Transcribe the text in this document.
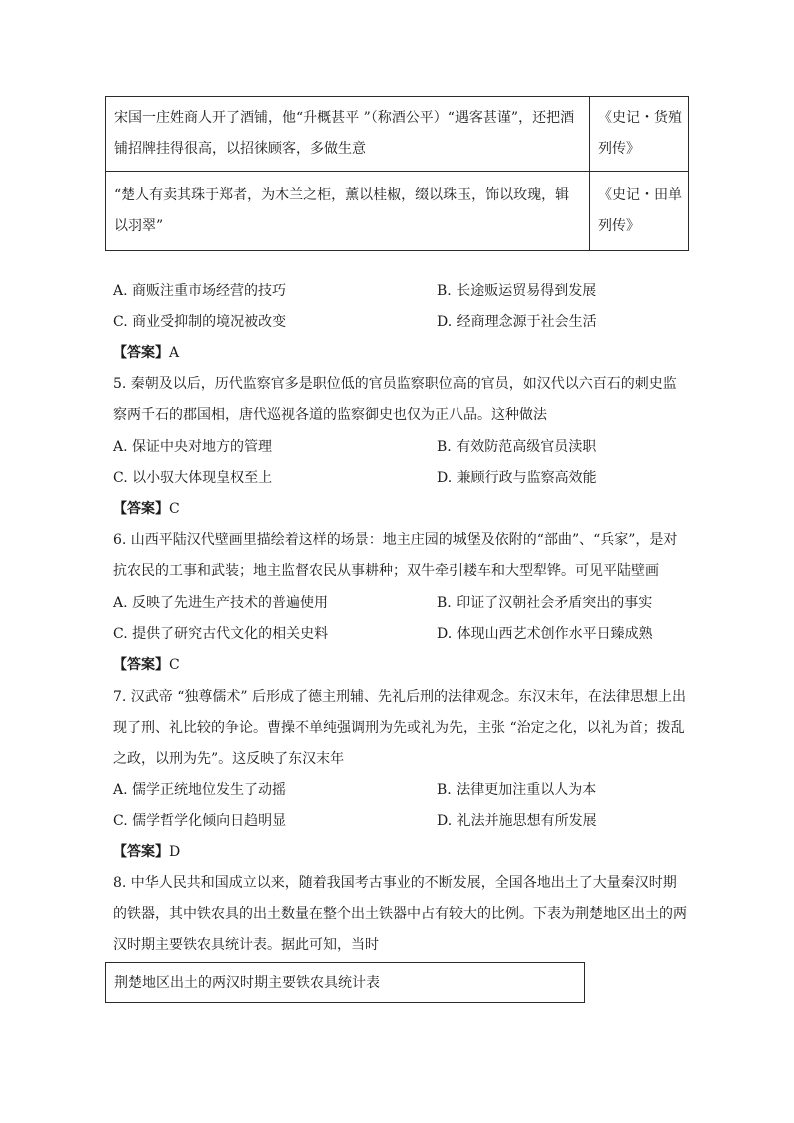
宋国一庄姓商人开了酒铺，他“升概甚平 ”（称酒公平）“遇客甚谨”，还把酒铺招牌挂得很高，以招徕顾客，多做生意	《史记・货殖列传》
“楚人有卖其珠于郑者，为木兰之柜，薰以桂椒，缀以珠玉，饰以玫瑰，辑以羽翠”	《史记・田单列传》
A. 商贩注重市场经营的技巧	B. 长途贩运贸易得到发展
C. 商业受抑制的境况被改变	D. 经商理念源于社会生活
【答案】A
5. 秦朝及以后，历代监察官多是职位低的官员监察职位高的官员，如汉代以六百石的刺史监察两千石的郡国相，唐代巡视各道的监察御史也仅为正八品。这种做法
A. 保证中央对地方的管理	B. 有效防范高级官员渎职
C. 以小驭大体现皇权至上	D. 兼顾行政与监察高效能
【答案】C
6. 山西平陆汉代壁画里描绘着这样的场景：地主庄园的城堡及依附的“部曲”、“兵家”，是对抗农民的工事和武装；地主监督农民从事耕种；双牛牵引耧车和大型犁铧。可见平陆壁画
A. 反映了先进生产技术的普遍使用	B. 印证了汉朝社会矛盾突出的事实
C. 提供了研究古代文化的相关史料	D. 体现山西艺术创作水平日臻成熟
【答案】C
7. 汉武帝 “独尊儒术” 后形成了德主刑辅、先礼后刑的法律观念。东汉末年，在法律思想上出现了刑、礼比较的争论。曹操不单纯强调刑为先或礼为先，主张 “治定之化，以礼为首；拨乱之政，以刑为先”。这反映了东汉末年
A. 儒学正统地位发生了动摇	B. 法律更加注重以人为本
C. 儒学哲学化倾向日趋明显	D. 礼法并施思想有所发展
【答案】D
8. 中华人民共和国成立以来，随着我国考古事业的不断发展，全国各地出土了大量秦汉时期的铁器，其中铁农具的出土数量在整个出土铁器中占有较大的比例。下表为荆楚地区出土的两汉时期主要铁农具统计表。据此可知，当时
荆楚地区出土的两汉时期主要铁农具统计表
